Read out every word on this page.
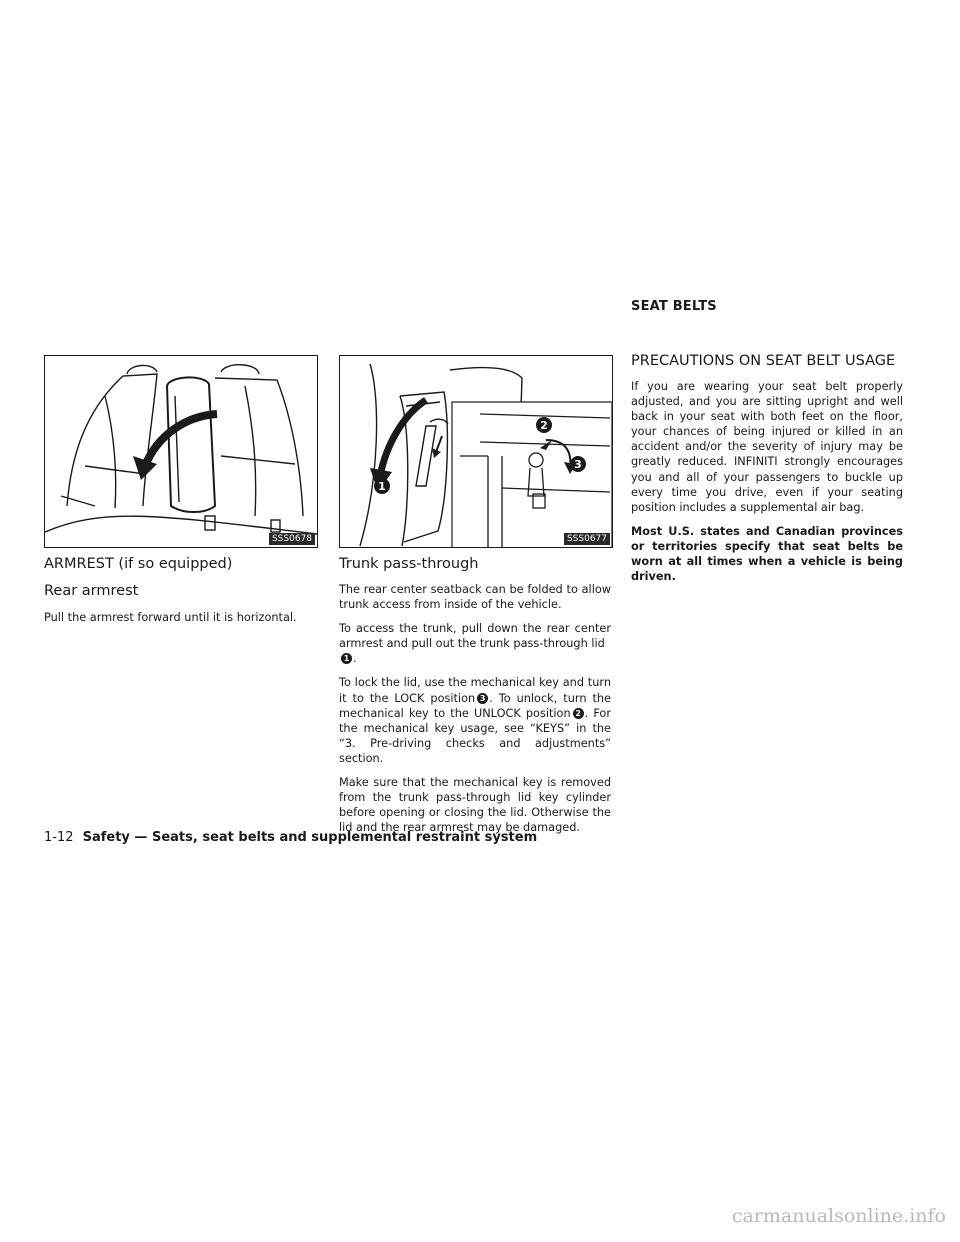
SEAT BELTS
SSS0678
1
2
3
SSS0677
ARMREST (if so equipped)
Rear armrest

Pull the armrest forward until it is horizontal.

Trunk pass-through

The rear center seatback can be folded to allow trunk access from inside of the vehicle.

To access the trunk, pull down the rear center armrest and pull out the trunk pass-through lid
1 .

To lock the lid, use the mechanical key and turn it to the LOCK position 3 . To unlock, turn the mechanical key to the UNLOCK position 2 . For the mechanical key usage, see “KEYS” in the “3. Pre-driving checks and adjustments” section.

Make sure that the mechanical key is removed from the trunk pass-through lid key cylinder before opening or closing the lid. Otherwise the lid and the rear armrest may be damaged.

PRECAUTIONS ON SEAT BELT USAGE

If you are wearing your seat belt properly adjusted, and you are sitting upright and well back in your seat with both feet on the floor, your chances of being injured or killed in an accident and/or the severity of injury may be greatly reduced. INFINITI strongly encourages you and all of your passengers to buckle up every time you drive, even if your seating position includes a supplemental air bag.

Most U.S. states and Canadian provinces or territories specify that seat belts be worn at all times when a vehicle is being driven.

1-12 Safety — Seats, seat belts and supplemental restraint system
carmanualsonline.info
